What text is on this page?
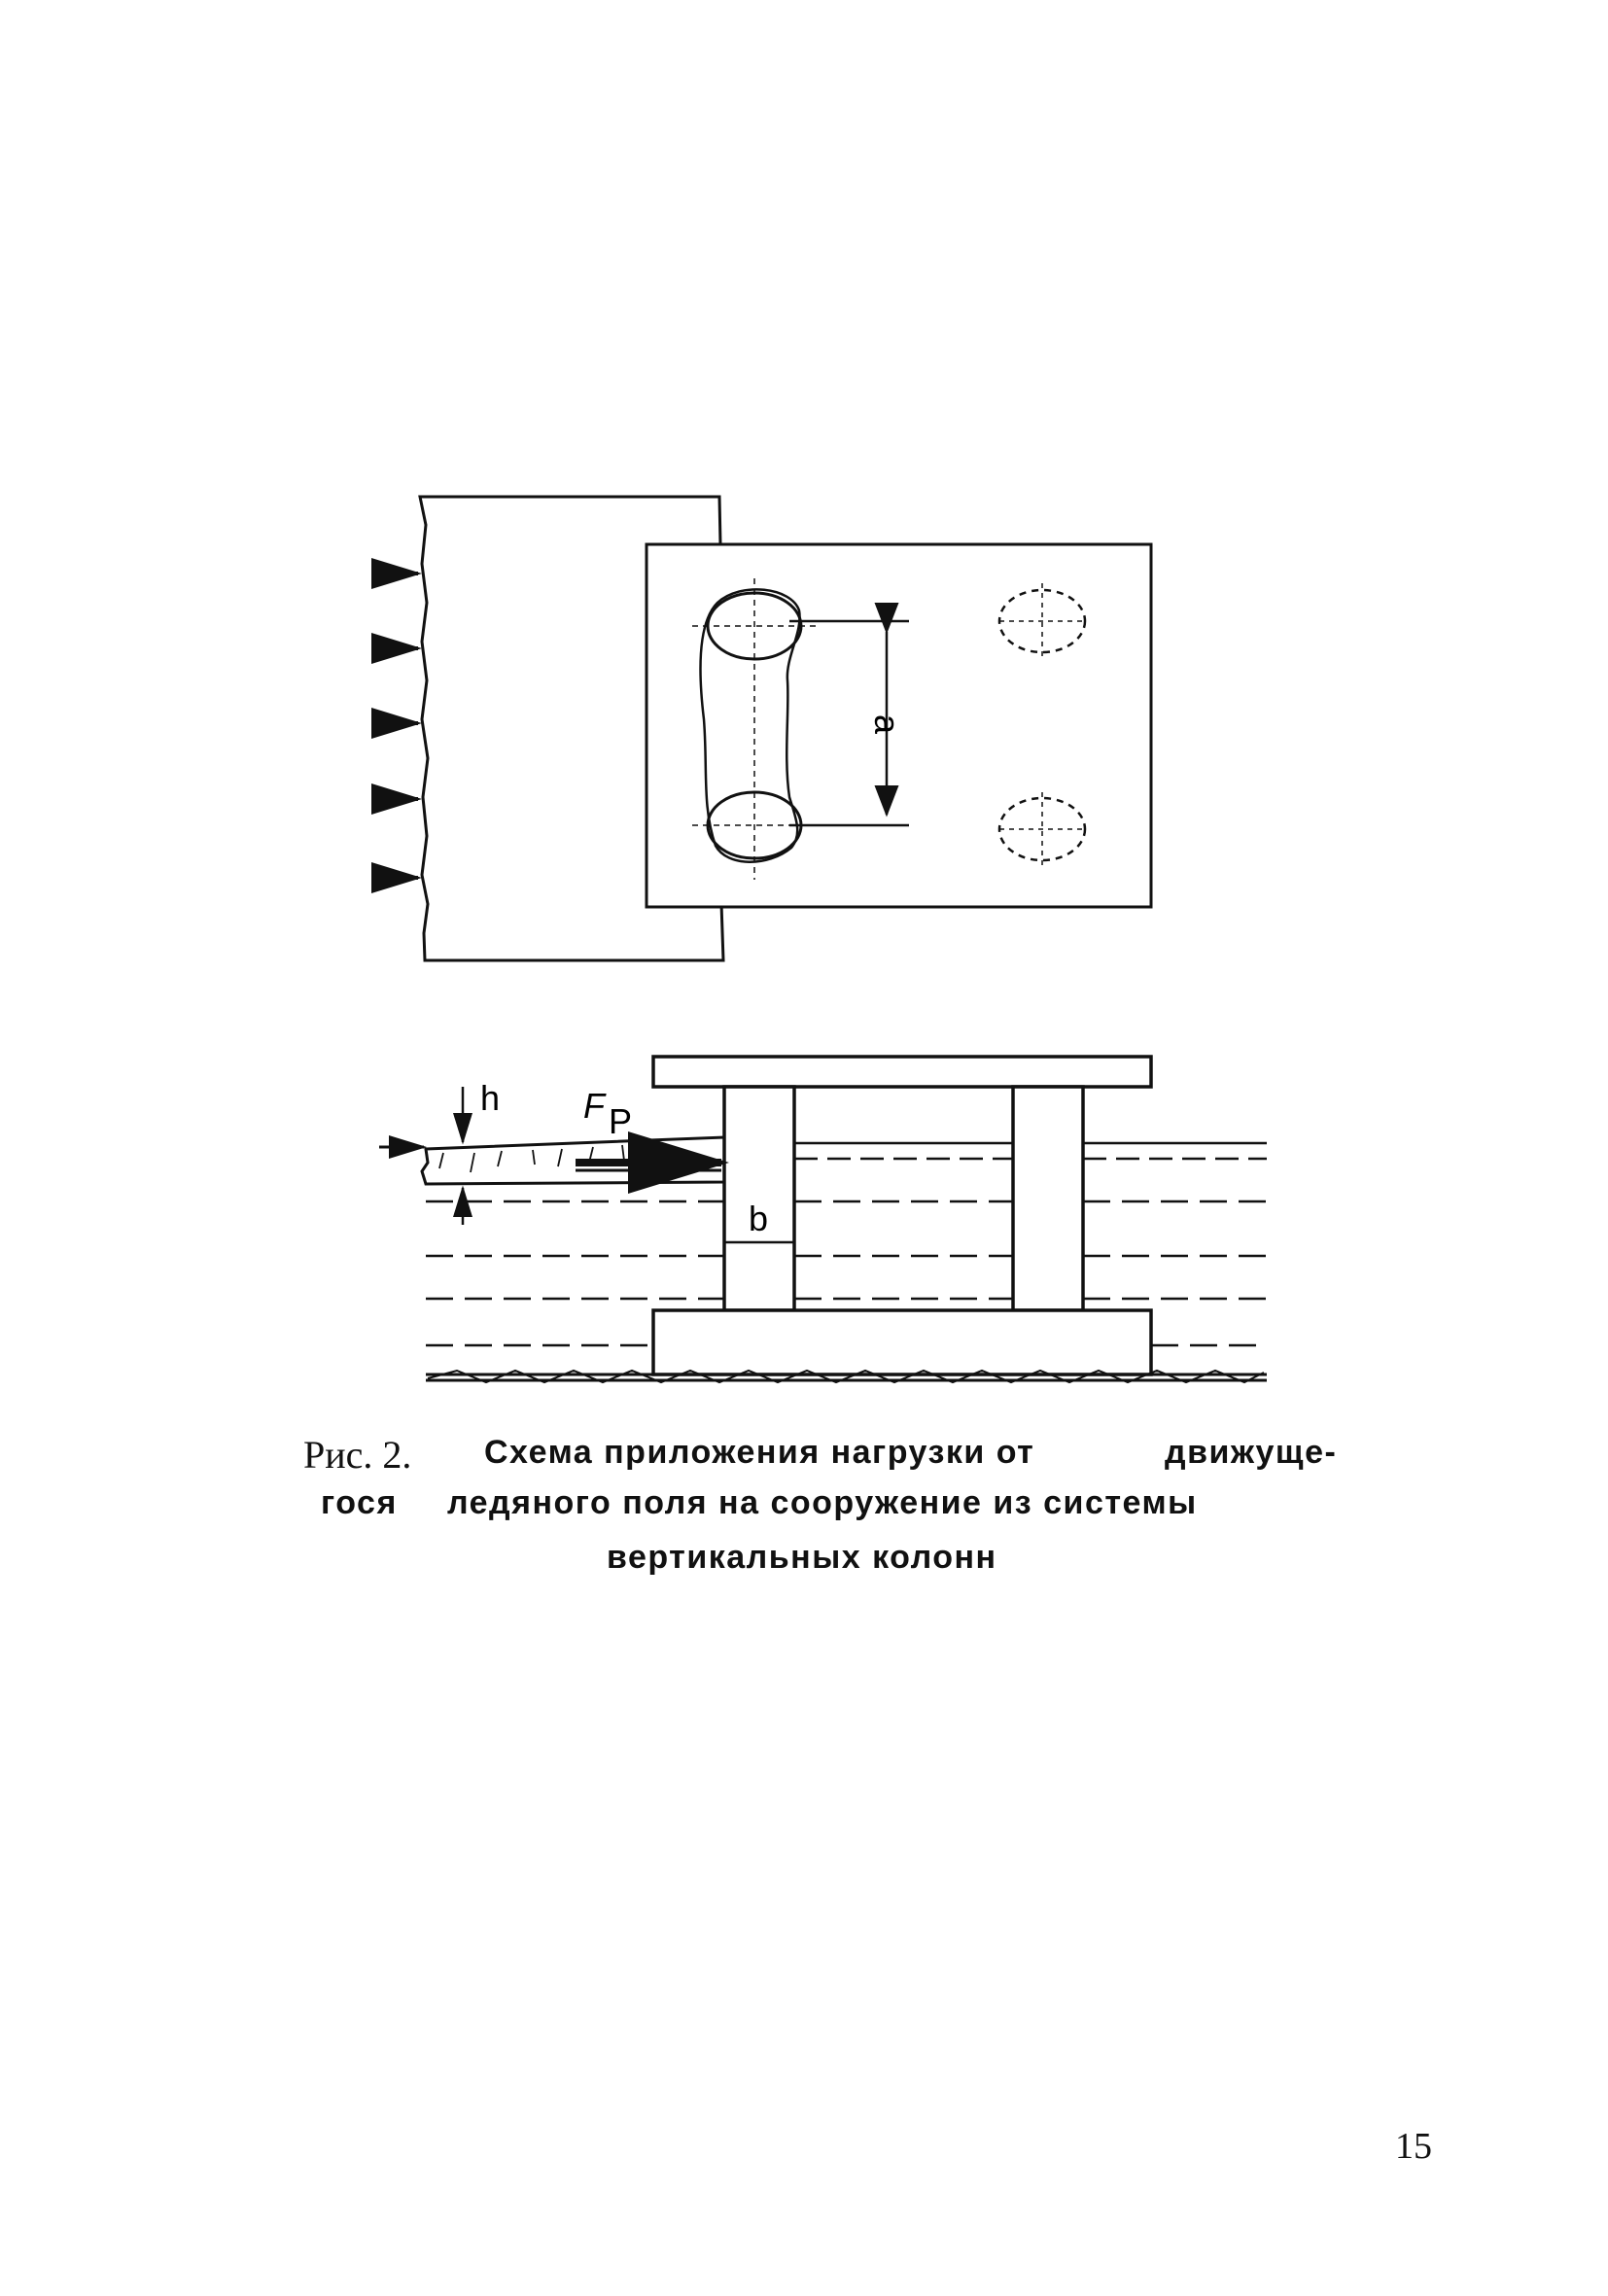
a
h F P
b
Рис. 2. Схема приложения нагрузки от	движуще-
гося ледяного поля на сооружение из системы
вертикальных колонн
15
